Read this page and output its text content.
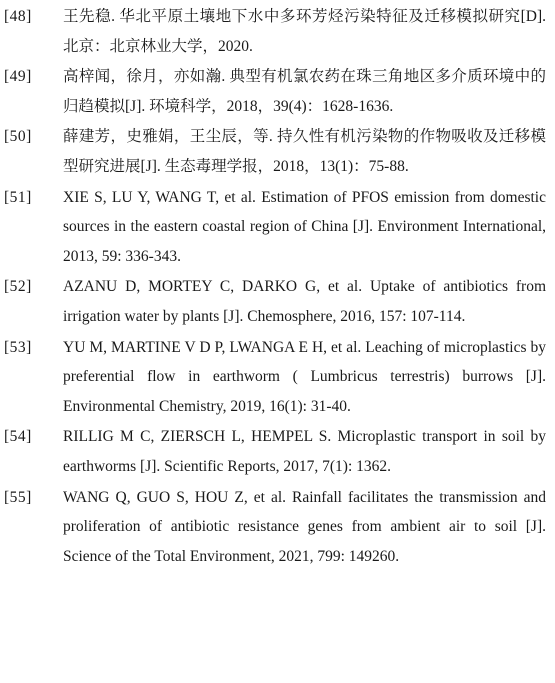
[48]	王先稳. 华北平原土壤地下水中多环芳烃污染特征及迁移模拟研究[D]. 北京：北京林业大学，2020.
[49]	高梓闻，徐月，亦如瀚. 典型有机氯农药在珠三角地区多介质环境中的归趋模拟[J]. 环境科学，2018，39(4)：1628-1636.
[50]	薛建芳，史雅娟，王尘辰，等. 持久性有机污染物的作物吸收及迁移模型研究进展[J]. 生态毒理学报，2018，13(1)：75-88.
[51]	XIE S, LU Y, WANG T, et al. Estimation of PFOS emission from domestic sources in the eastern coastal region of China [J]. Environment International, 2013, 59: 336-343.
[52]	AZANU D, MORTEY C, DARKO G, et al. Uptake of antibiotics from irrigation water by plants [J]. Chemosphere, 2016, 157: 107-114.
[53]	YU M, MARTINE V D P, LWANGA E H, et al. Leaching of microplastics by preferential flow in earthworm ( Lumbricus terrestris) burrows [J]. Environmental Chemistry, 2019, 16(1): 31-40.
[54]	RILLIG M C, ZIERSCH L, HEMPEL S. Microplastic transport in soil by earthworms [J]. Scientific Reports, 2017, 7(1): 1362.
[55]	WANG Q, GUO S, HOU Z, et al. Rainfall facilitates the transmission and proliferation of antibiotic resistance genes from ambient air to soil [J]. Science of the Total Environment, 2021, 799: 149260.
